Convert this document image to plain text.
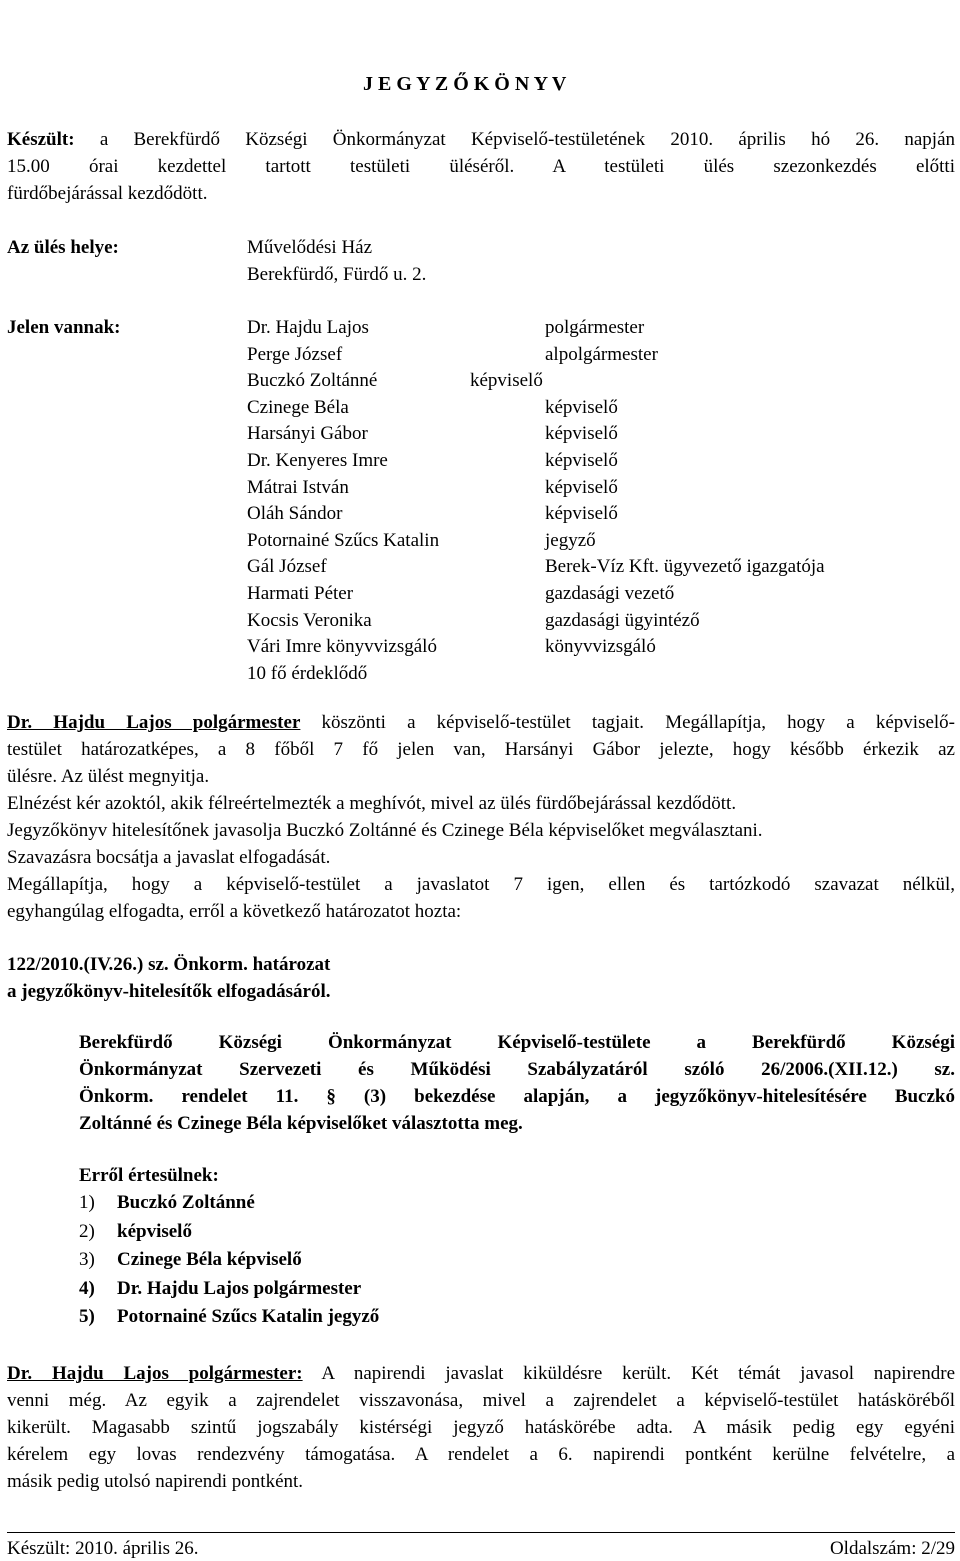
J E G Y Z Ő K Ö N Y V
Készült: a Berekfürdő Községi Önkormányzat Képviselő-testületének 2010. április hó 26. napján
15.00 órai kezdettel tartott testületi üléséről. A testületi ülés szezonkezdés előtti
fürdőbejárással kezdődött.
Az ülés helye:	Művelődési Ház
Berekfürdő, Fürdő u. 2.
Jelen vannak:	Dr. Hajdu Lajos	polgármester
Perge József	alpolgármester
Buczkó Zoltánné	képviselő
Czinege Béla	képviselő
Harsányi Gábor	képviselő
Dr. Kenyeres Imre	képviselő
Mátrai István	képviselő
Oláh Sándor	képviselő
Potornainé Szűcs Katalin	jegyző
Gál József	Berek-Víz Kft. ügyvezető igazgatója
Harmati Péter	gazdasági vezető
Kocsis Veronika	gazdasági ügyintéző
Vári Imre könyvvizsgáló	könyvvizsgáló
10 fő érdeklődő
Dr. Hajdu Lajos polgármester köszönti a képviselő-testület tagjait. Megállapítja, hogy a képviselő-
testület határozatképes, a 8 főből 7 fő jelen van, Harsányi Gábor jelezte, hogy később érkezik az
ülésre. Az ülést megnyitja.
Elnézést kér azoktól, akik félreértelmezték a meghívót, mivel az ülés fürdőbejárással kezdődött.
Jegyzőkönyv hitelesítőnek javasolja Buczkó Zoltánné és Czinege Béla képviselőket megválasztani.
Szavazásra bocsátja a javaslat elfogadását.
Megállapítja, hogy a képviselő-testület a javaslatot 7 igen, ellen és tartózkodó szavazat nélkül,
egyhangúlag elfogadta, erről a következő határozatot hozta:
122/2010.(IV.26.) sz. Önkorm. határozat
a jegyzőkönyv-hitelesítők elfogadásáról.
Berekfürdő Községi Önkormányzat Képviselő-testülete a Berekfürdő Községi
Önkormányzat Szervezeti és Működési Szabályzatáról szóló 26/2006.(XII.12.) sz.
Önkorm. rendelet 11. § (3) bekezdése alapján, a jegyzőkönyv-hitelesítésére Buczkó
Zoltánné és Czinege Béla képviselőket választotta meg.
Erről értesülnek:
1) Buczkó Zoltánné
2) képviselő
3) Czinege Béla képviselő
4) Dr. Hajdu Lajos polgármester
5) Potornainé Szűcs Katalin jegyző
Dr. Hajdu Lajos polgármester: A napirendi javaslat kiküldésre került. Két témát javasol napirendre
venni még. Az egyik a zajrendelet visszavonása, mivel a zajrendelet a képviselő-testület hatásköréből
kikerült. Magasabb szintű jogszabály kistérségi jegyző hatáskörébe adta. A másik pedig egy egyéni
kérelem egy lovas rendezvény támogatása. A rendelet a 6. napirendi pontként kerülne felvételre, a
másik pedig utolsó napirendi pontként.
Készült: 2010. április 26.	Oldalszám: 2/29
